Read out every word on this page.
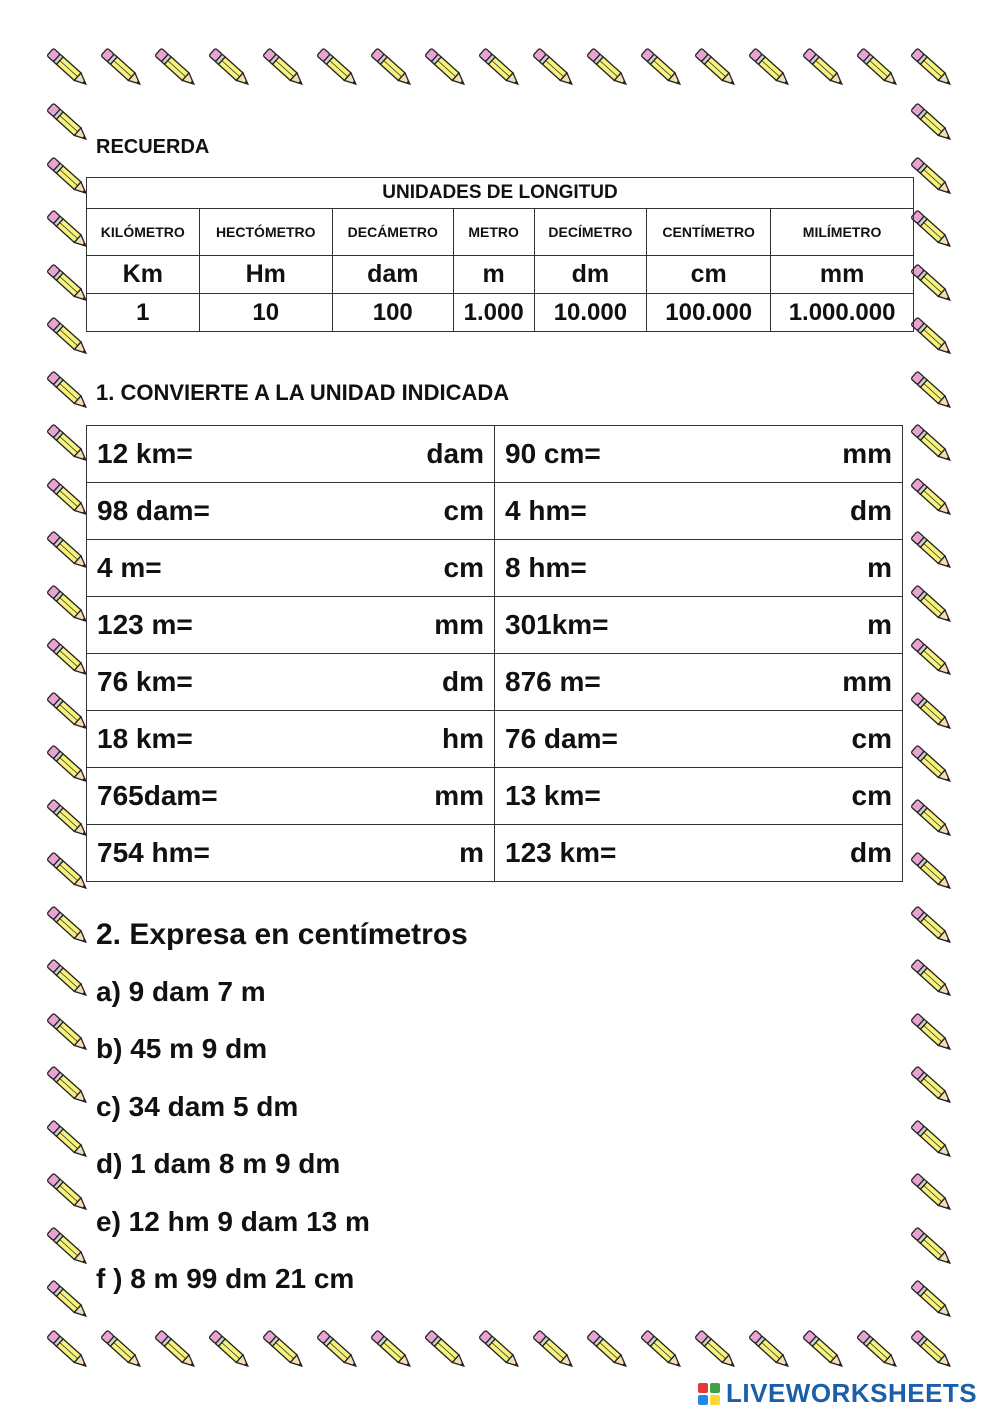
RECUERDA

UNIDADES DE LONGITUD						
KILÓMETRO	HECTÓMETRO	DECÁMETRO	METRO	DECÍMETRO	CENTÍMETRO	MILÍMETRO
Km	Hm	dam	m	dm	cm	mm
1	10	100	1.000	10.000	100.000	1.000.000

1. CONVIERTE A LA UNIDAD INDICADA

12 km= dam	90 cm= mm

98 dam= cm	4 hm= dm

4 m= cm	8 hm= m

123 m= mm	301km= m

76 km= dm	876 m= mm

18 km= hm	76 dam= cm

765dam= mm	13 km= cm

754 hm= m	123 km= dm

2. Expresa en centímetros

a) 9 dam 7 m

b) 45 m 9 dm

c) 34 dam 5 dm

d) 1 dam 8 m 9 dm

e) 12 hm 9 dam 13 m

f ) 8 m 99 dm 21 cm

LIVEWORKSHEETS
